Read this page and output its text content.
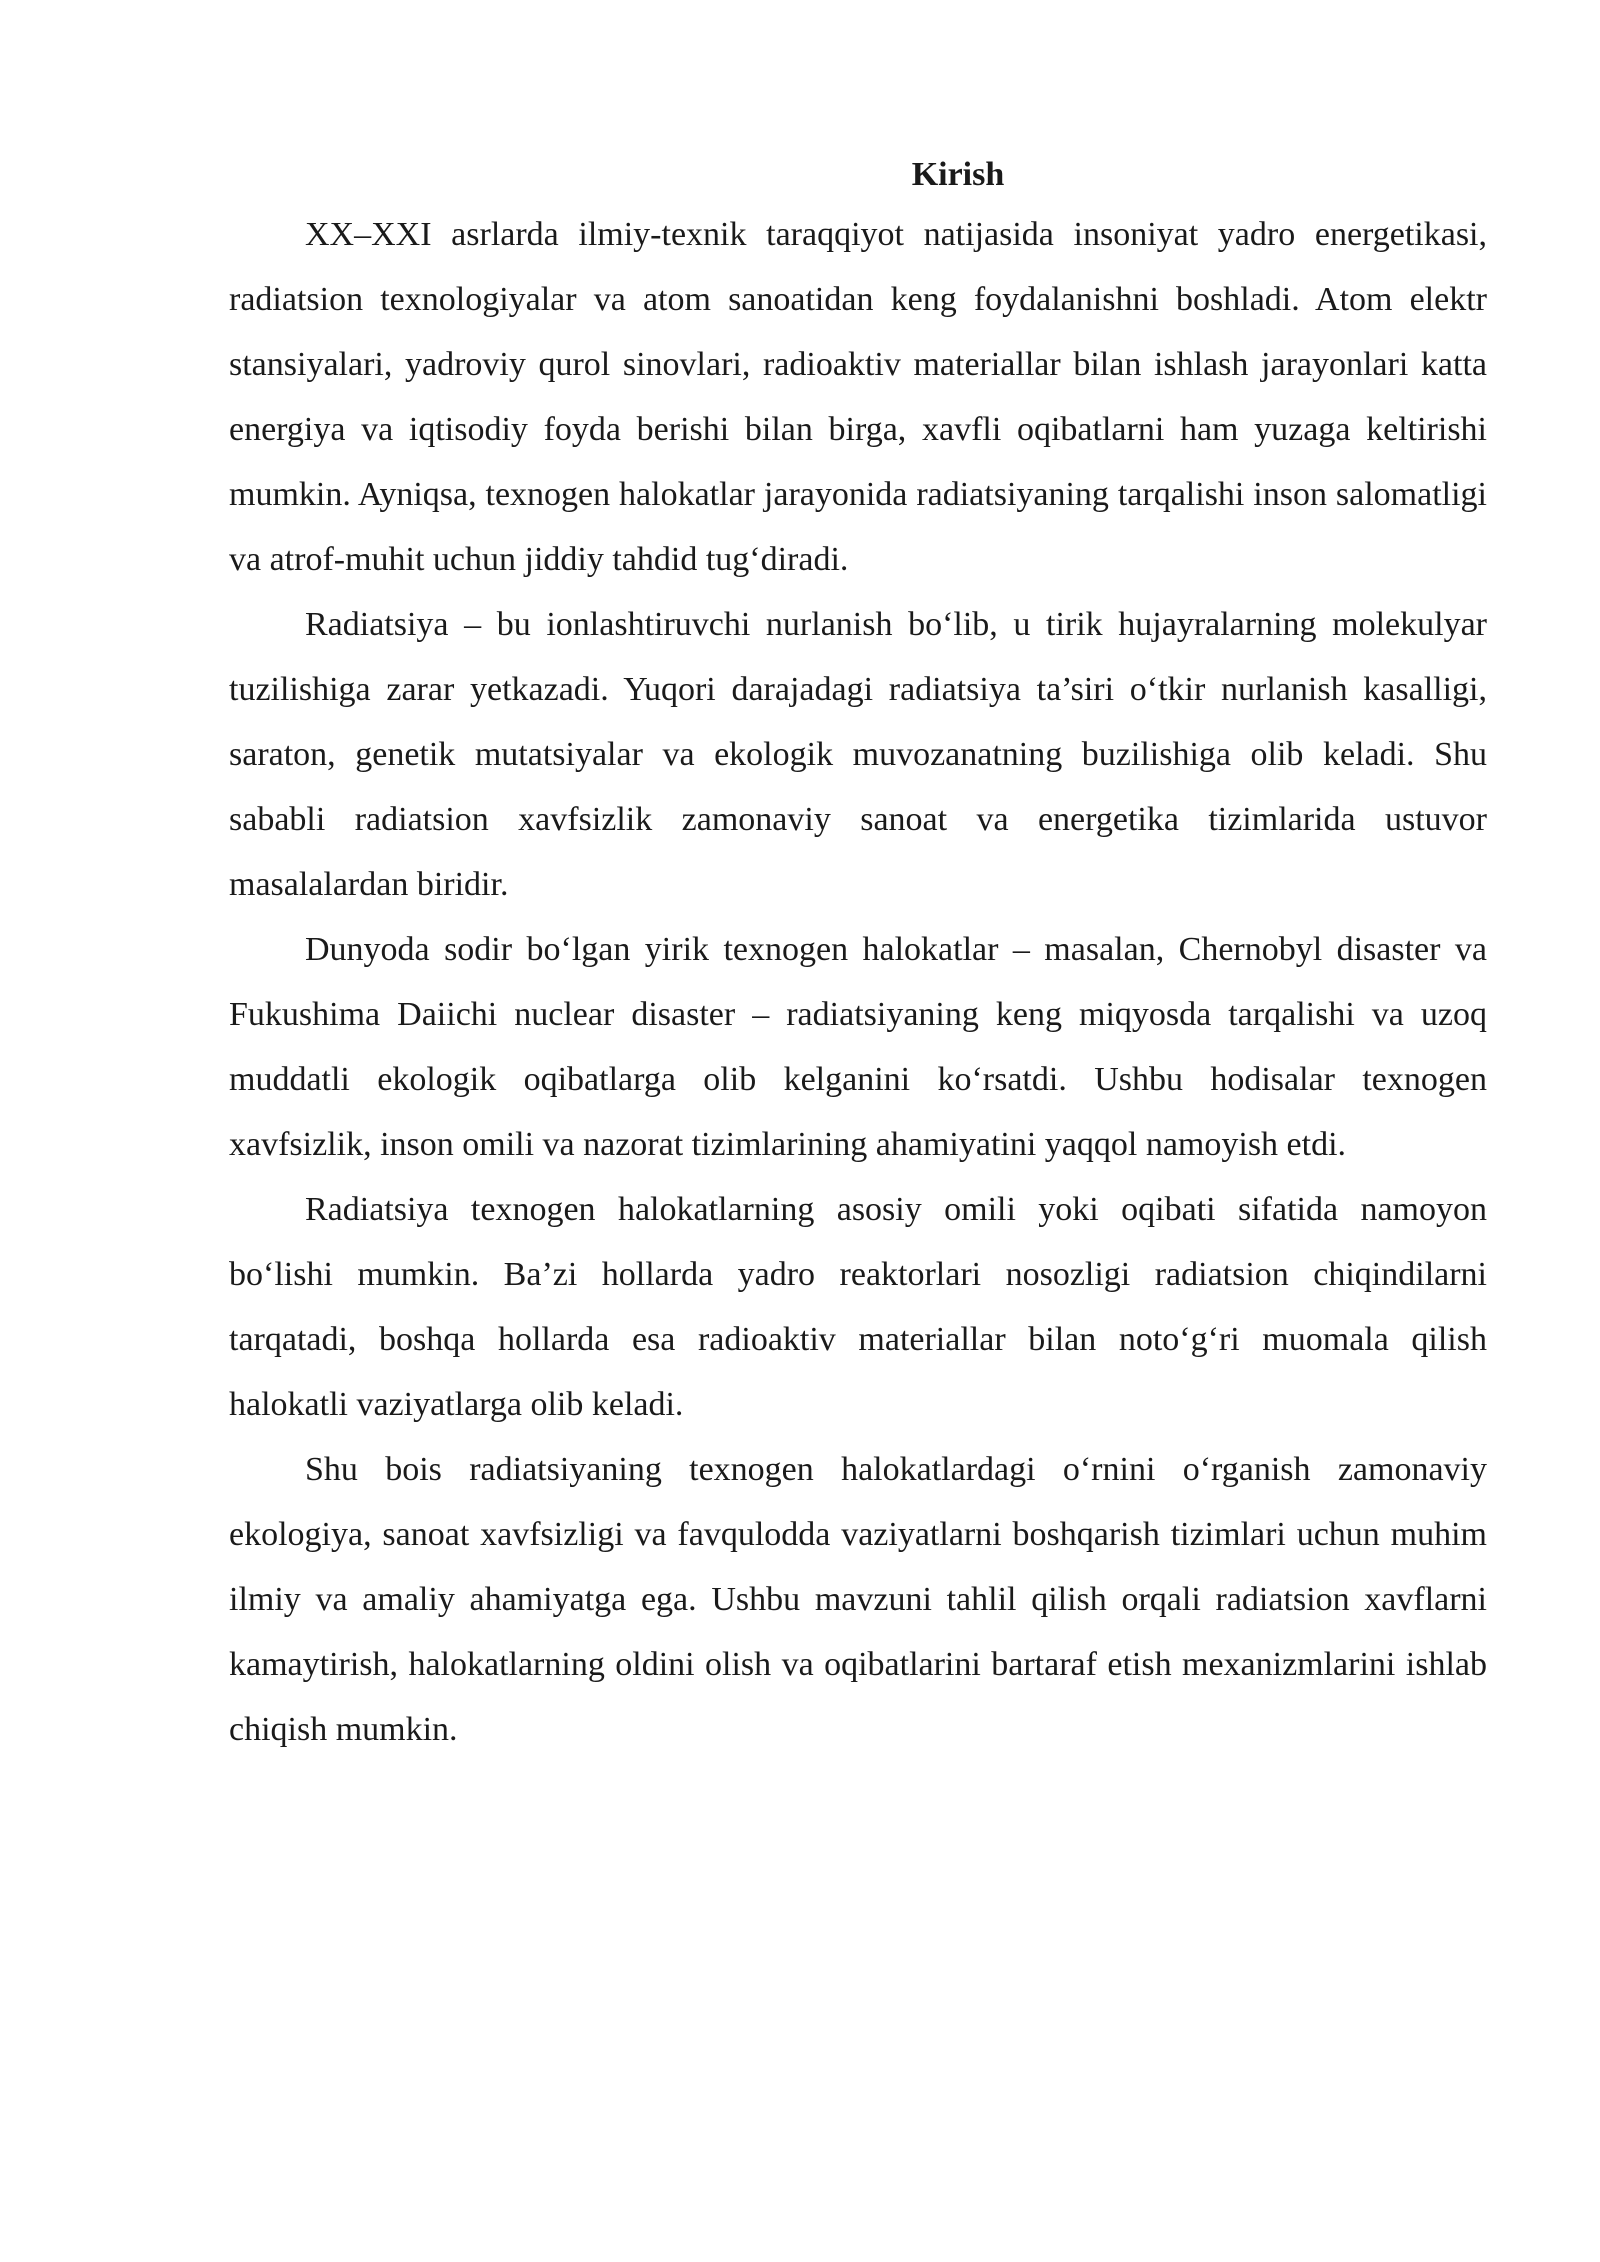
Kirish

XX–XXI asrlarda ilmiy-texnik taraqqiyot natijasida insoniyat yadro energetikasi, radiatsion texnologiyalar va atom sanoatidan keng foydalanishni boshladi. Atom elektr stansiyalari, yadroviy qurol sinovlari, radioaktiv materiallar bilan ishlash jarayonlari katta energiya va iqtisodiy foyda berishi bilan birga, xavfli oqibatlarni ham yuzaga keltirishi mumkin. Ayniqsa, texnogen halokatlar jarayonida radiatsiyaning tarqalishi inson salomatligi va atrof-muhit uchun jiddiy tahdid tug‘diradi.

Radiatsiya – bu ionlashtiruvchi nurlanish bo‘lib, u tirik hujayralarning molekulyar tuzilishiga zarar yetkazadi. Yuqori darajadagi radiatsiya ta’siri o‘tkir nurlanish kasalligi, saraton, genetik mutatsiyalar va ekologik muvozanatning buzilishiga olib keladi. Shu sababli radiatsion xavfsizlik zamonaviy sanoat va energetika tizimlarida ustuvor masalalardan biridir.

Dunyoda sodir bo‘lgan yirik texnogen halokatlar – masalan, Chernobyl disaster va Fukushima Daiichi nuclear disaster – radiatsiyaning keng miqyosda tarqalishi va uzoq muddatli ekologik oqibatlarga olib kelganini ko‘rsatdi. Ushbu hodisalar texnogen xavfsizlik, inson omili va nazorat tizimlarining ahamiyatini yaqqol namoyish etdi.

Radiatsiya texnogen halokatlarning asosiy omili yoki oqibati sifatida namoyon bo‘lishi mumkin. Ba’zi hollarda yadro reaktorlari nosozligi radiatsion chiqindilarni tarqatadi, boshqa hollarda esa radioaktiv materiallar bilan noto‘g‘ri muomala qilish halokatli vaziyatlarga olib keladi.

Shu bois radiatsiyaning texnogen halokatlardagi o‘rnini o‘rganish zamonaviy ekologiya, sanoat xavfsizligi va favqulodda vaziyatlarni boshqarish tizimlari uchun muhim ilmiy va amaliy ahamiyatga ega. Ushbu mavzuni tahlil qilish orqali radiatsion xavflarni kamaytirish, halokatlarning oldini olish va oqibatlarini bartaraf etish mexanizmlarini ishlab chiqish mumkin.
